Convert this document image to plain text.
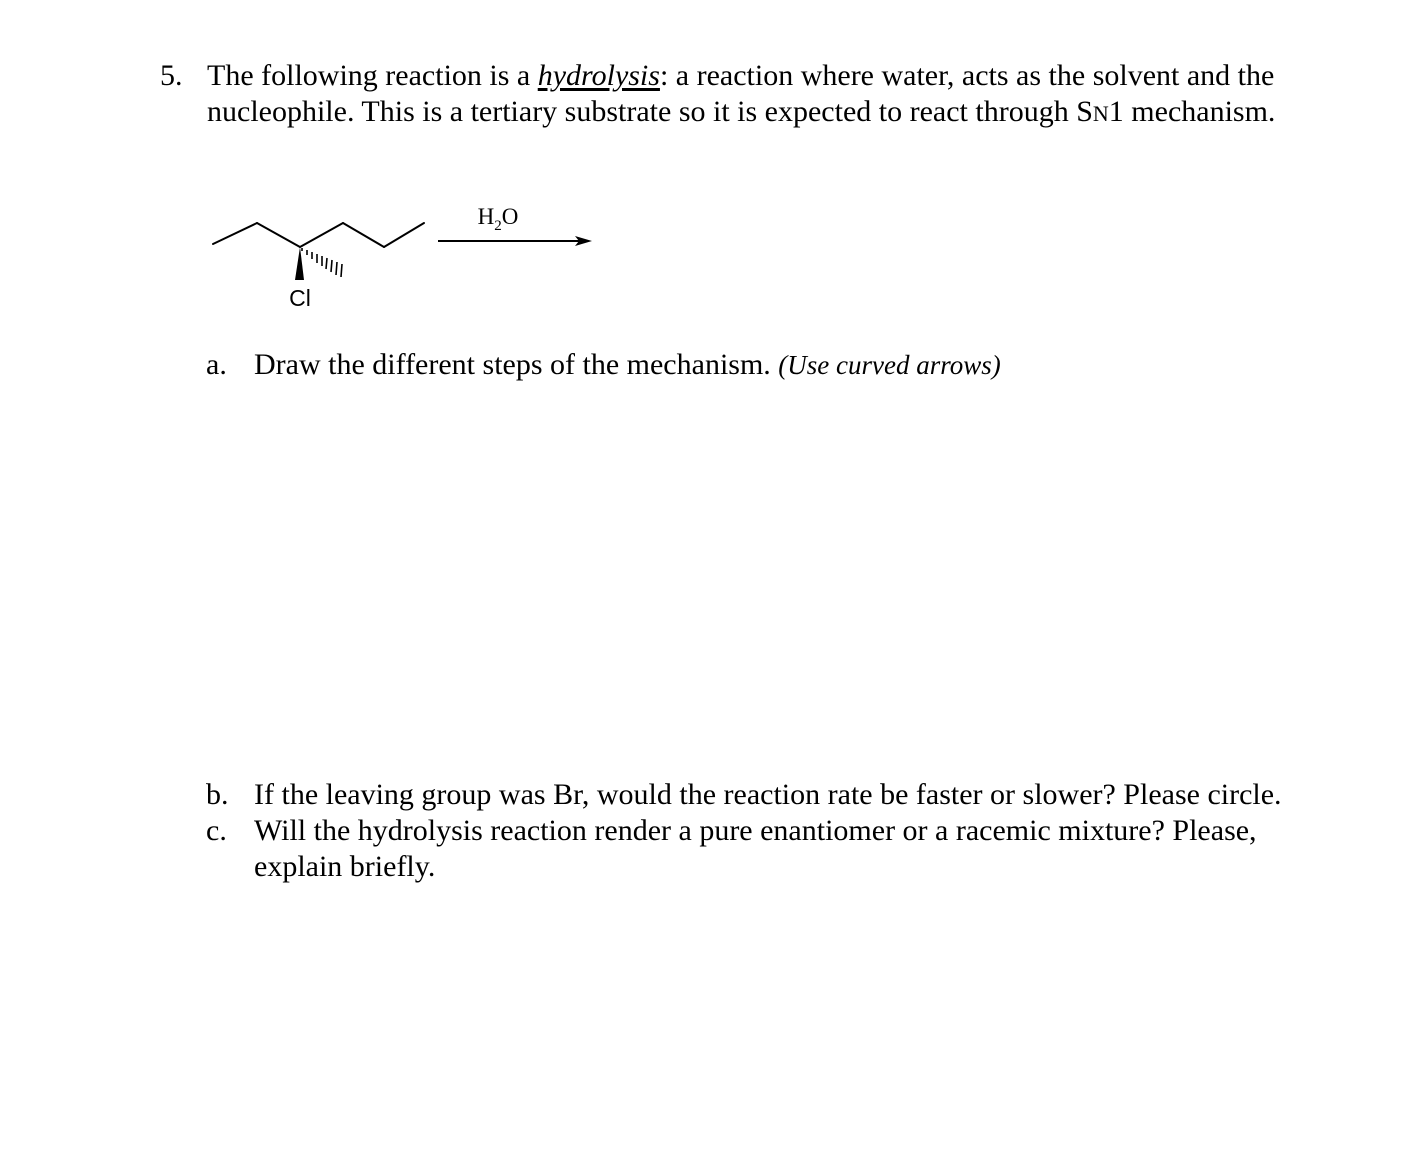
5. The following reaction is a hydrolysis: a reaction where water, acts as the solvent and the
nucleophile. This is a tertiary substrate so it is expected to react through SN1 mechanism.
Cl
$H_2O$
a. Draw the different steps of the mechanism. (Use curved arrows)
b. If the leaving group was Br, would the reaction rate be faster or slower? Please circle.
c. Will the hydrolysis reaction render a pure enantiomer or a racemic mixture? Please,
explain briefly.
